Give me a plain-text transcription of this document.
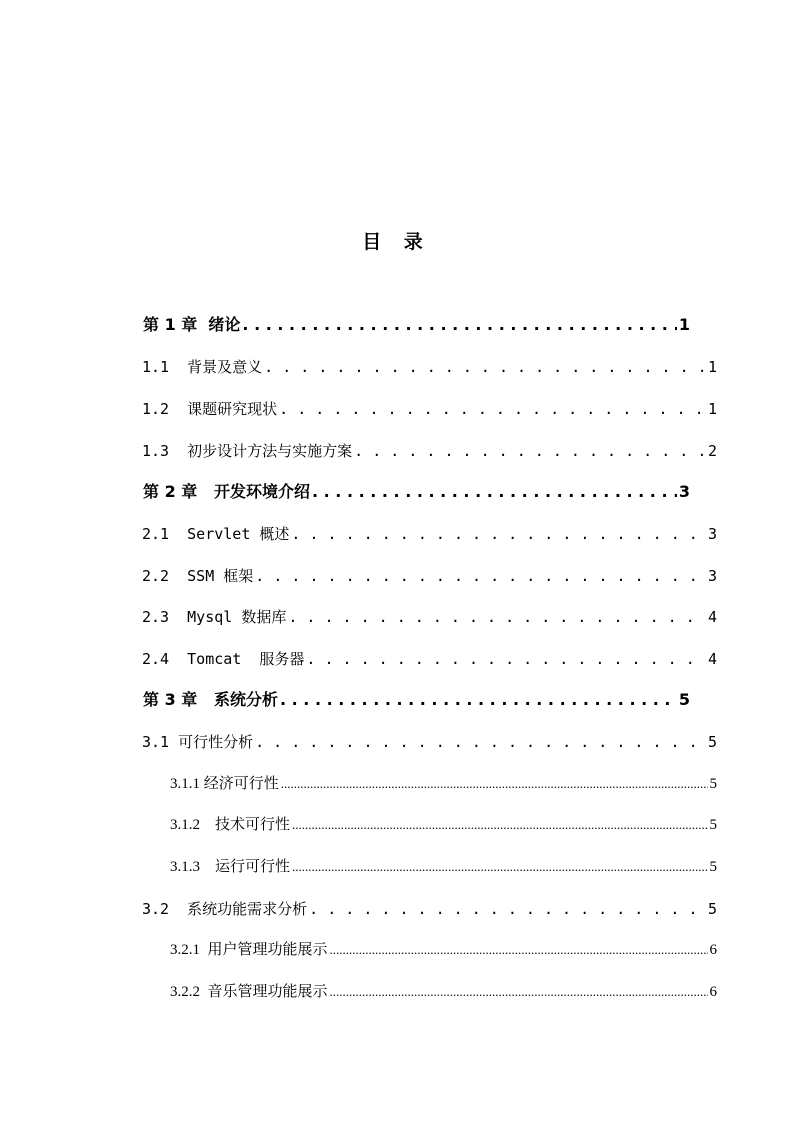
目 录
第 1 章  绪论 . . .	1
1.1  背景及意义 . . .	1
1.2  课题研究现状 . . .	1
1.3  初步设计方法与实施方案 . . .	2
第 2 章   开发环境介绍 . . .	3
2.1  Servlet 概述 . . .	3
2.2  SSM 框架 . . .	3
2.3  Mysql 数据库 . . .	4
2.4  Tomcat  服务器 . . .	4
第 3 章   系统分析 . . .	5
3.1 可行性分析 . . .	5
3.1.1 经济可行性 .....	5
3.1.2    技术可行性 .....	5
3.1.3    运行可行性 .....	5
3.2  系统功能需求分析 . . .	5
3.2.1  用户管理功能展示 .....	6
3.2.2  音乐管理功能展示 .....	6
